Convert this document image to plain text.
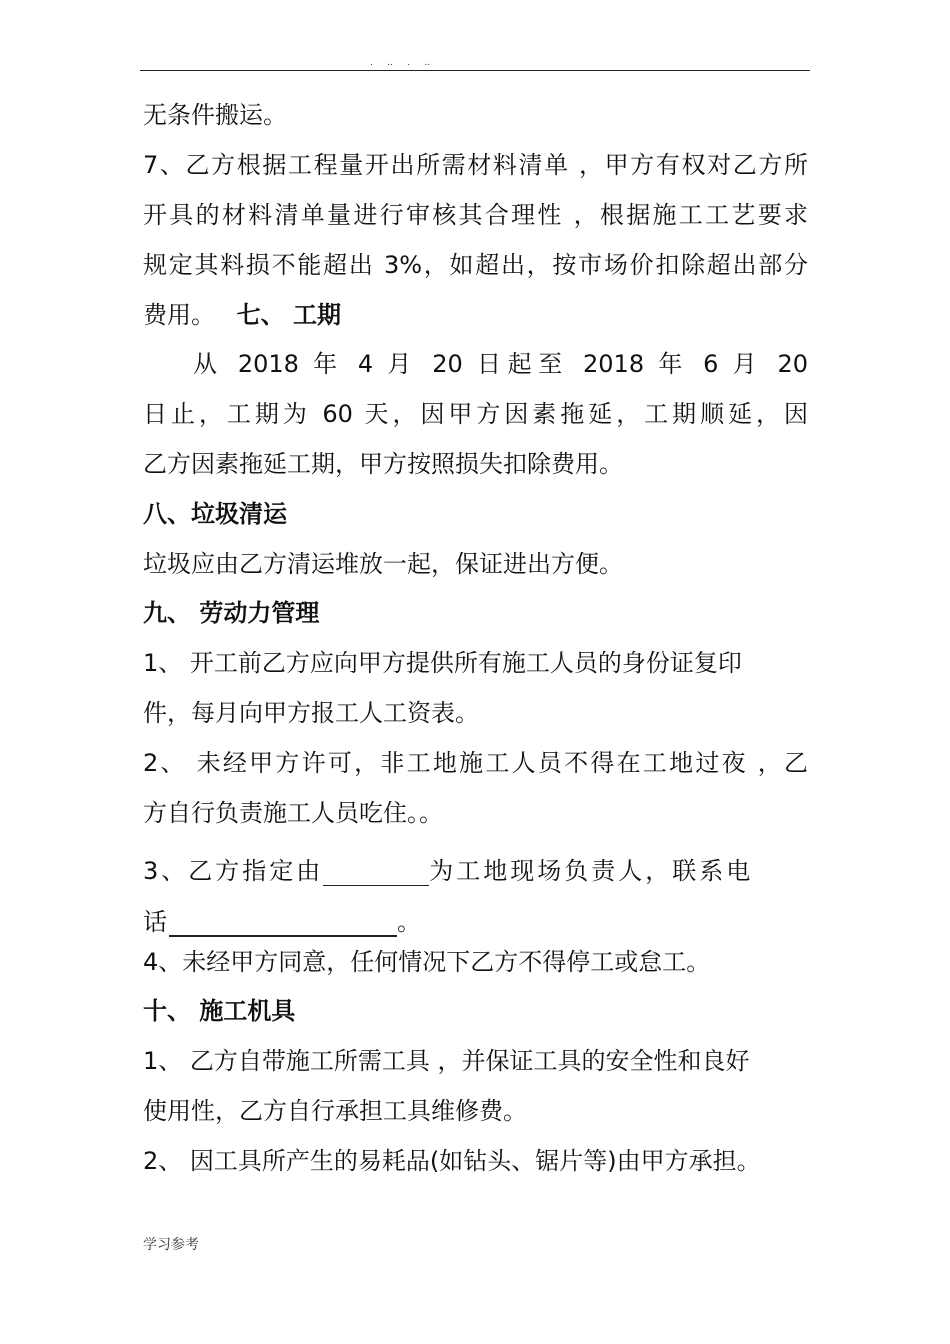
.     ..     .     ..
无条件搬运。
7、乙方根据工程量开出所需材料清单 ，甲方有权对乙方所
开具的材料清单量进行审核其合理性 ，根据施工工艺要求
规定其料损不能超出 3%，如超出，按市场价扣除超出部分
费用。 七、 工期
从 2018 年 4 月 20 日起至 2018 年 6 月 20
日止，工期为 60 天，因甲方因素拖延，工期顺延，因
乙方因素拖延工期，甲方按照损失扣除费用。
八、垃圾清运
垃圾应由乙方清运堆放一起，保证进出方便。
九、 劳动力管理
1、 开工前乙方应向甲方提供所有施工人员的身份证复印
件，每月向甲方报工人工资表。
2、 未经甲方许可，非工地施工人员不得在工地过夜 ，乙
方自行负责施工人员吃住。。
3、乙方指定由	为工地现场负责人，联系电
话	。
4、未经甲方同意，任何情况下乙方不得停工或怠工。
十、 施工机具
1、 乙方自带施工所需工具 ，并保证工具的安全性和良好
使用性，乙方自行承担工具维修费。
2、 因工具所产生的易耗品(如钻头、锯片等)由甲方承担。
学习参考
